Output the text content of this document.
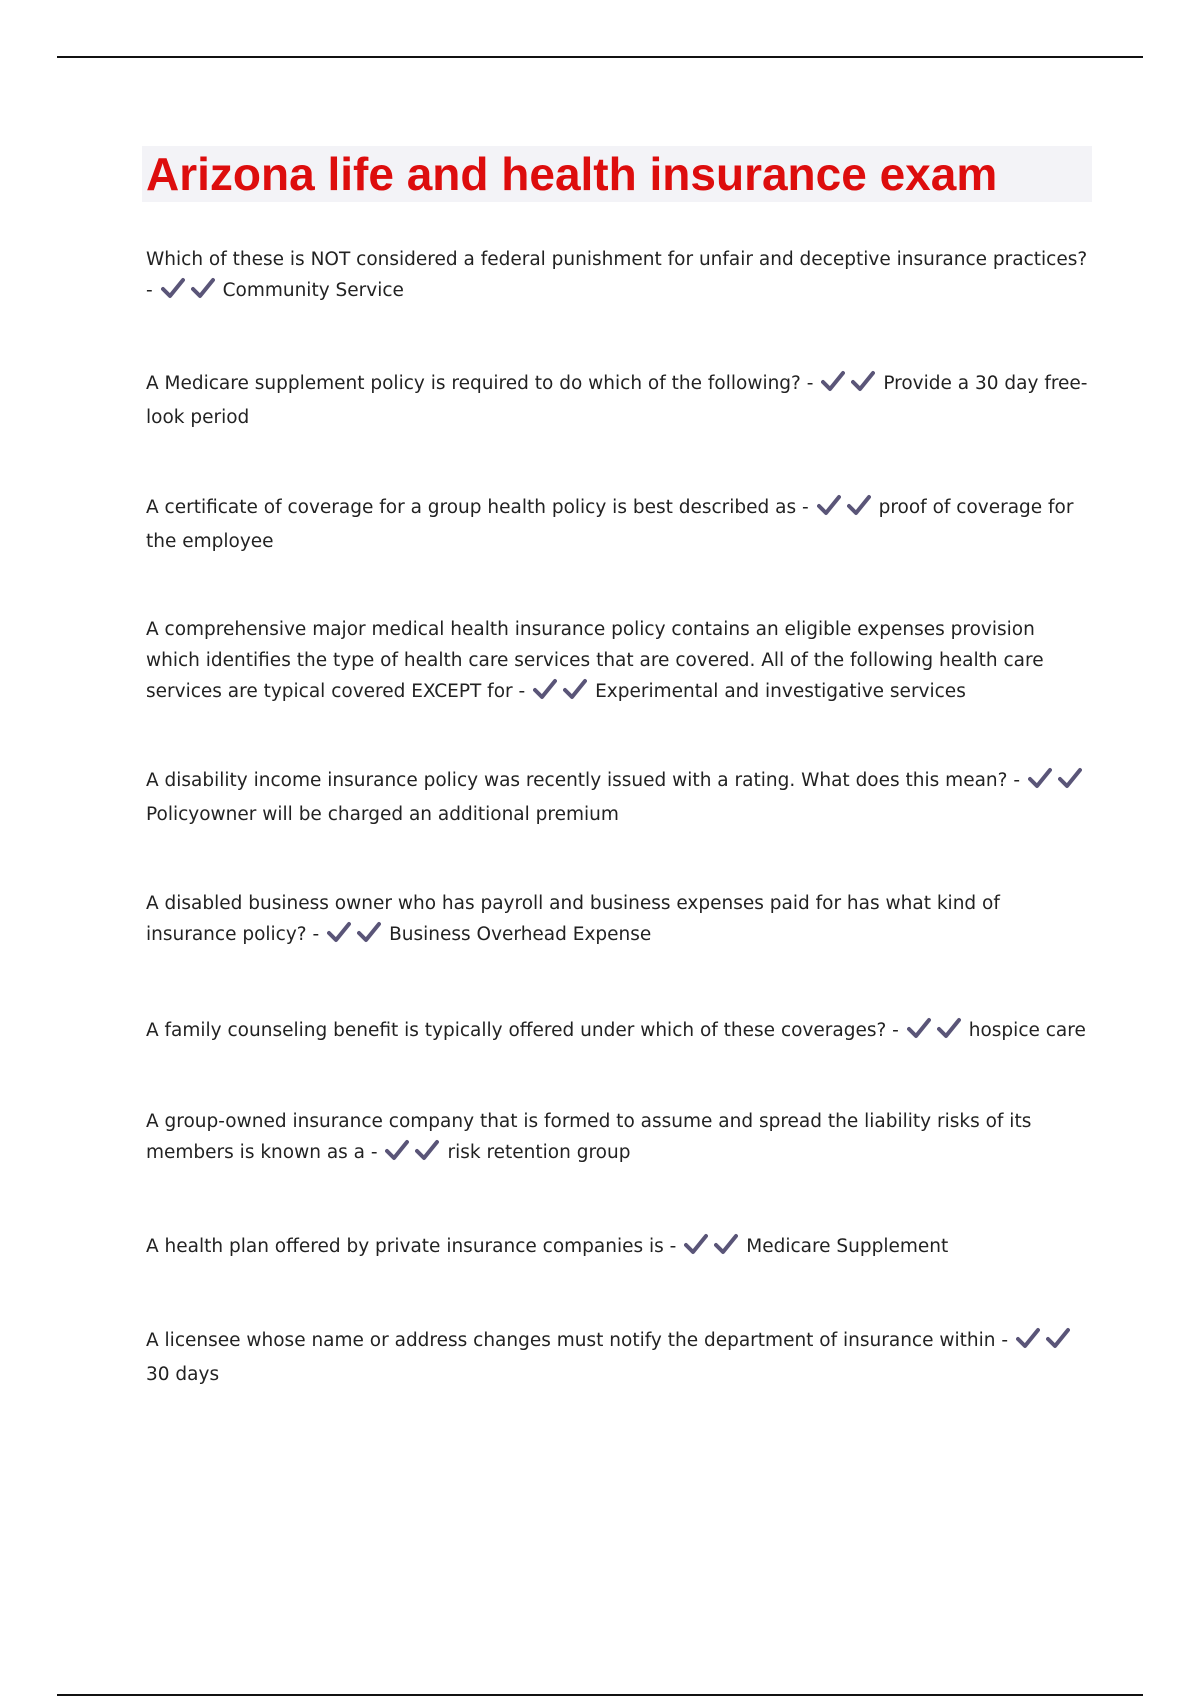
Arizona life and health insurance exam

Which of these is NOT considered a federal punishment for unfair and deceptive insurance practices? -	Community Service

A Medicare supplement policy is required to do which of the following? -	Provide a 30 day free-look period

A certificate of coverage for a group health policy is best described as -	proof of coverage for the employee

A comprehensive major medical health insurance policy contains an eligible expenses provision which identifies the type of health care services that are covered. All of the following health care services are typical covered EXCEPT for -	Experimental and investigative services

A disability income insurance policy was recently issued with a rating. What does this mean? -
Policyowner will be charged an additional premium

A disabled business owner who has payroll and business expenses paid for has what kind of insurance policy? -	Business Overhead Expense

A family counseling benefit is typically offered under which of these coverages? -	hospice care

A group-owned insurance company that is formed to assume and spread the liability risks of its members is known as a -	risk retention group

A health plan offered by private insurance companies is -	Medicare Supplement

A licensee whose name or address changes must notify the department of insurance within -
30 days
